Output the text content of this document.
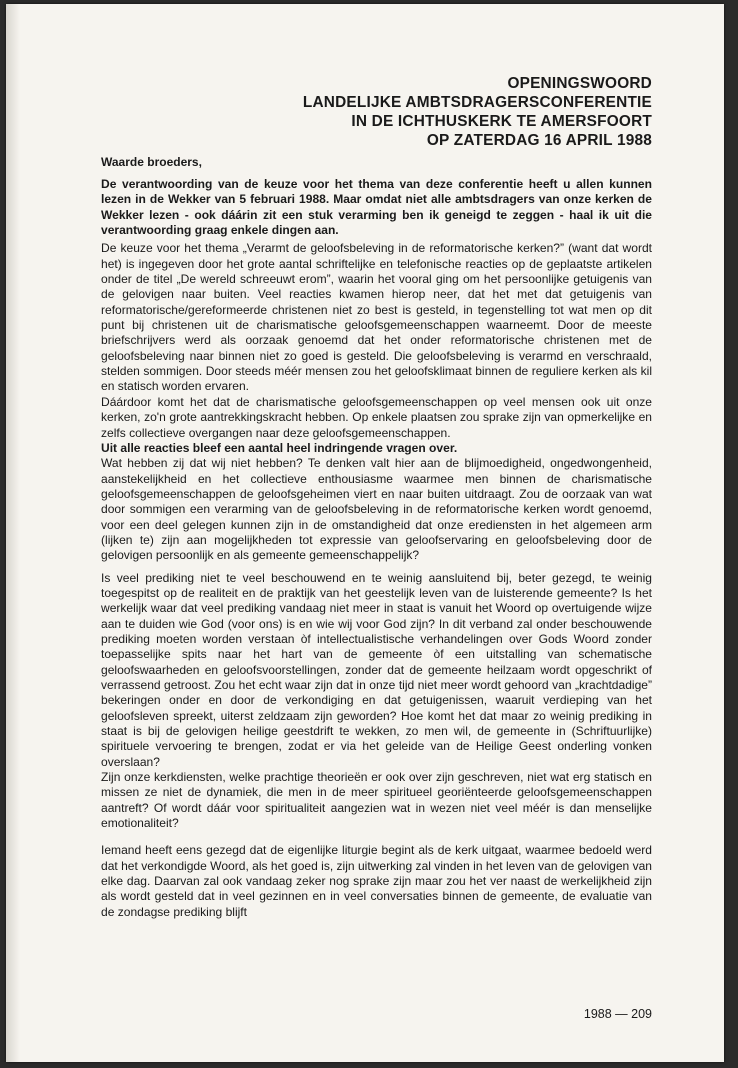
OPENINGSWOORD
LANDELIJKE AMBTSDRAGERSCONFERENTIE
IN DE ICHTHUSKERK TE AMERSFOORT
OP ZATERDAG 16 APRIL 1988
Waarde broeders,

De verantwoording van de keuze voor het thema van deze conferentie heeft u allen kunnen lezen in de Wekker van 5 februari 1988. Maar omdat niet alle ambtsdragers van onze kerken de Wekker lezen - ook dáárin zit een stuk verarming ben ik geneigd te zeggen - haal ik uit die verantwoording graag enkele dingen aan.

De keuze voor het thema „Verarmt de geloofsbeleving in de reformatorische kerken?” (want dat wordt het) is ingegeven door het grote aantal schriftelijke en telefonische reacties op de geplaatste artikelen onder de titel „De wereld schreeuwt erom”, waarin het vooral ging om het persoonlijke getuigenis van de gelovigen naar buiten. Veel reacties kwamen hierop neer, dat het met dat getuigenis van reformatorische/gereformeerde christenen niet zo best is gesteld, in tegenstelling tot wat men op dit punt bij christenen uit de charismatische geloofsgemeenschappen waarneemt. Door de meeste briefschrijvers werd als oorzaak genoemd dat het onder reformatorische christenen met de geloofsbeleving naar binnen niet zo goed is gesteld. Die geloofsbeleving is verarmd en verschraald, stelden sommigen. Door steeds méér mensen zou het geloofsklimaat binnen de reguliere kerken als kil en statisch worden ervaren.

Dáárdoor komt het dat de charismatische geloofsgemeenschappen op veel mensen ook uit onze kerken, zo'n grote aantrekkingskracht hebben. Op enkele plaatsen zou sprake zijn van opmerkelijke en zelfs collectieve overgangen naar deze geloofsgemeenschappen.

Uit alle reacties bleef een aantal heel indringende vragen over.

Wat hebben zij dat wij niet hebben? Te denken valt hier aan de blijmoedigheid, ongedwongenheid, aanstekelijkheid en het collectieve enthousiasme waarmee men binnen de charismatische geloofsgemeenschappen de geloofsgeheimen viert en naar buiten uitdraagt. Zou de oorzaak van wat door sommigen een verarming van de geloofsbeleving in de reformatorische kerken wordt genoemd, voor een deel gelegen kunnen zijn in de omstandigheid dat onze erediensten in het algemeen arm (lijken te) zijn aan mogelijkheden tot expressie van geloofservaring en geloofsbeleving door de gelovigen persoonlijk en als gemeente gemeenschappelijk?

Is veel prediking niet te veel beschouwend en te weinig aansluitend bij, beter gezegd, te weinig toegespitst op de realiteit en de praktijk van het geestelijk leven van de luisterende gemeente? Is het werkelijk waar dat veel prediking vandaag niet meer in staat is vanuit het Woord op overtuigende wijze aan te duiden wie God (voor ons) is en wie wij voor God zijn? In dit verband zal onder beschouwende prediking moeten worden verstaan òf intellectualistische verhandelingen over Gods Woord zonder toepasselijke spits naar het hart van de gemeente òf een uitstalling van schematische geloofswaarheden en geloofsvoorstellingen, zonder dat de gemeente heilzaam wordt opgeschrikt of verrassend getroost. Zou het echt waar zijn dat in onze tijd niet meer wordt gehoord van „krachtdadige” bekeringen onder en door de verkondiging en dat getuigenissen, waaruit verdieping van het geloofsleven spreekt, uiterst zeldzaam zijn geworden? Hoe komt het dat maar zo weinig prediking in staat is bij de gelovigen heilige geestdrift te wekken, zo men wil, de gemeente in (Schriftuurlijke) spirituele vervoering te brengen, zodat er via het geleide van de Heilige Geest onderling vonken overslaan?

Zijn onze kerkdiensten, welke prachtige theorieën er ook over zijn geschreven, niet wat erg statisch en missen ze niet de dynamiek, die men in de meer spiritueel georiënteerde geloofsgemeenschappen aantreft? Of wordt dáár voor spiritualiteit aangezien wat in wezen niet veel méér is dan menselijke emotionaliteit?

Iemand heeft eens gezegd dat de eigenlijke liturgie begint als de kerk uitgaat, waarmee bedoeld werd dat het verkondigde Woord, als het goed is, zijn uitwerking zal vinden in het leven van de gelovigen van elke dag. Daarvan zal ook vandaag zeker nog sprake zijn maar zou het ver naast de werkelijkheid zijn als wordt gesteld dat in veel gezinnen en in veel conversaties binnen de gemeente, de evaluatie van de zondagse prediking blijft

1988 — 209
